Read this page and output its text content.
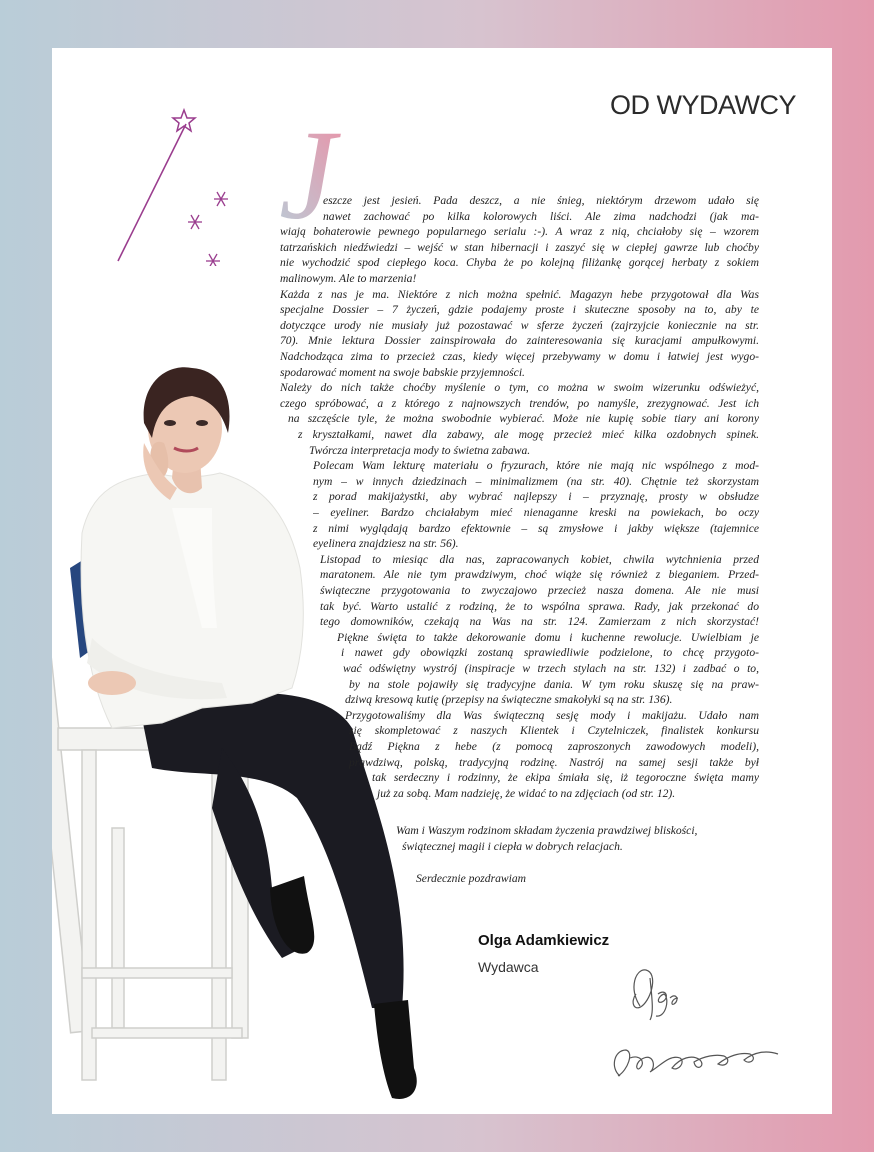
OD WYDAWCY
J
eszcze jest jesień. Pada deszcz, a nie śnieg, niektórym drzewom udało się
nawet zachować po kilka kolorowych liści. Ale zima nadchodzi (jak ma-
wiają bohaterowie pewnego popularnego serialu :-). A wraz z nią, chciałoby się – wzorem
tatrzańskich niedźwiedzi – wejść w stan hibernacji i zaszyć się w ciepłej gawrze lub choćby
nie wychodzić spod ciepłego koca. Chyba że po kolejną filiżankę gorącej herbaty z sokiem
malinowym. Ale to marzenia!
Każda z nas je ma. Niektóre z nich można spełnić. Magazyn hebe przygotował dla Was
specjalne Dossier – 7 życzeń, gdzie podajemy proste i skuteczne sposoby na to, aby te
dotyczące urody nie musiały już pozostawać w sferze życzeń (zajrzyjcie koniecznie na str.
70). Mnie lektura Dossier zainspirowała do zainteresowania się kuracjami ampułkowymi.
Nadchodząca zima to przecież czas, kiedy więcej przebywamy w domu i łatwiej jest wygo-
spodarować moment na swoje babskie przyjemności.
Należy do nich także choćby myślenie o tym, co można w swoim wizerunku odświeżyć,
czego spróbować, a z którego z najnowszych trendów, po namyśle, zrezygnować. Jest ich
na szczęście tyle, że można swobodnie wybierać. Może nie kupię sobie tiary ani korony
z kryształkami, nawet dla zabawy, ale mogę przecież mieć kilka ozdobnych spinek.
Twórcza interpretacja mody to świetna zabawa.
Polecam Wam lekturę materiału o fryzurach, które nie mają nic wspólnego z mod-
nym – w innych dziedzinach – minimalizmem (na str. 40). Chętnie też skorzystam
z porad makijażystki, aby wybrać najlepszy i – przyznaję, prosty w obsłudze
– eyeliner. Bardzo chciałabym mieć nienaganne kreski na powiekach, bo oczy
z nimi wyglądają bardzo efektownie – są zmysłowe i jakby większe (tajemnice
eyelinera znajdziesz na str. 56).
Listopad to miesiąc dla nas, zapracowanych kobiet, chwila wytchnienia przed
maratonem. Ale nie tym prawdziwym, choć wiąże się również z bieganiem. Przed-
świąteczne przygotowania to zwyczajowo przecież nasza domena. Ale nie musi
tak być. Warto ustalić z rodziną, że to wspólna sprawa. Rady, jak przekonać do
tego domowników, czekają na Was na str. 124. Zamierzam z nich skorzystać!
Piękne święta to także dekorowanie domu i kuchenne rewolucje. Uwielbiam je
i nawet gdy obowiązki zostaną sprawiedliwie podzielone, to chcę przygoto-
wać odświętny wystrój (inspiracje w trzech stylach na str. 132) i zadbać o to,
by na stole pojawiły się tradycyjne dania. W tym roku skuszę się na praw-
dziwą kresową kutię (przepisy na świąteczne smakołyki są na str. 136).
Przygotowaliśmy dla Was świąteczną sesję mody i makijażu. Udało nam
się skompletować z naszych Klientek i Czytelniczek, finalistek konkursu
Bądź Piękna z hebe (z pomocą zaproszonych zawodowych modeli),
prawdziwą, polską, tradycyjną rodzinę. Nastrój na samej sesji także był
tak serdeczny i rodzinny, że ekipa śmiała się, iż tegoroczne święta mamy
już za sobą. Mam nadzieję, że widać to na zdjęciach (od str. 12).
Wam i Waszym rodzinom składam życzenia prawdziwej bliskości,
świątecznej magii i ciepła w dobrych relacjach.
Serdecznie pozdrawiam
Olga Adamkiewicz
Wydawca
